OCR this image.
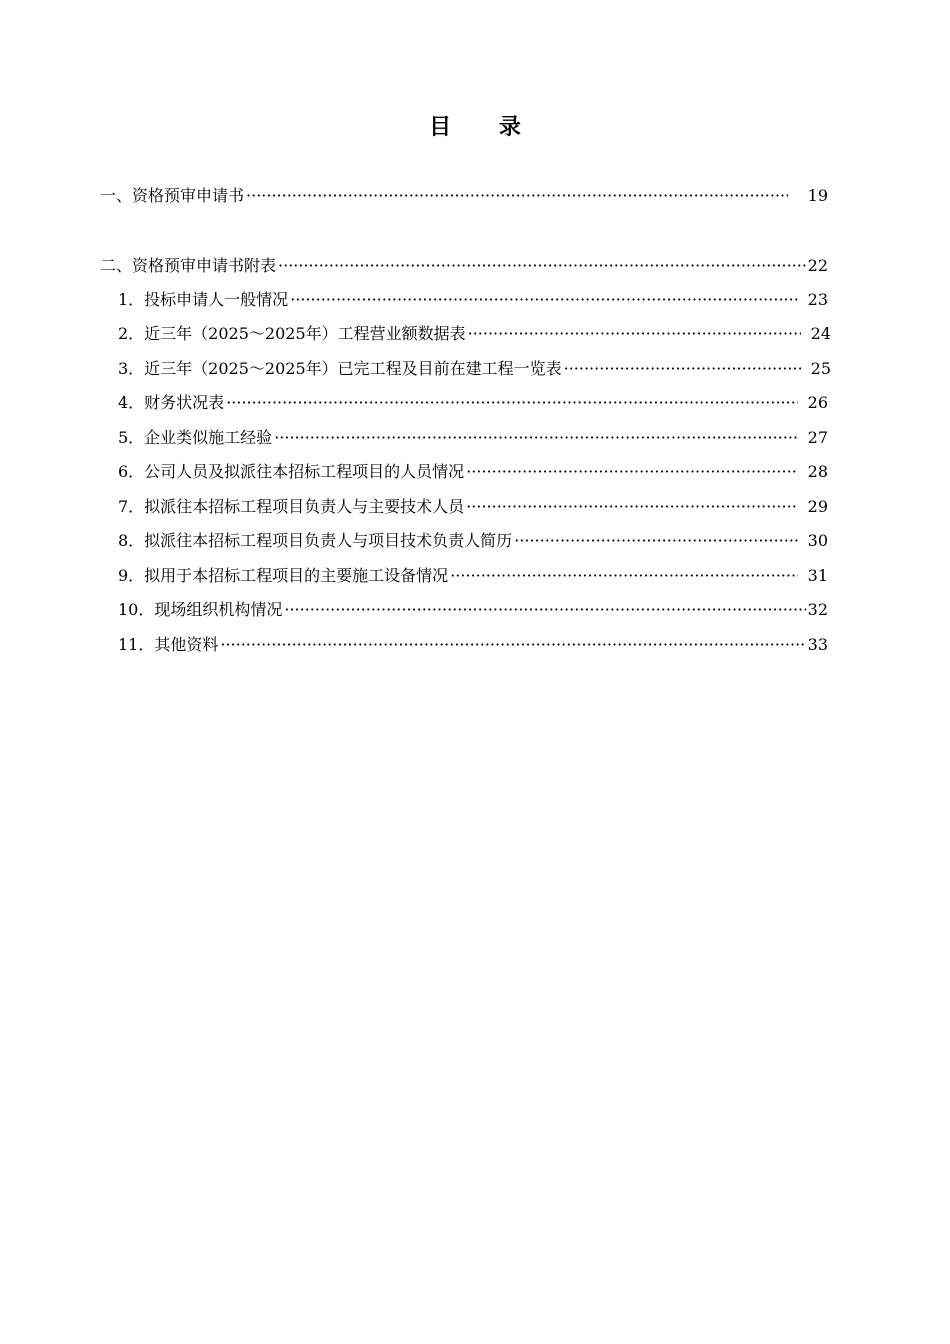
目 录
一、资格预审申请书 ·····	19
二、资格预审申请书附表 ·····	22
1．投标申请人一般情况 ·····	23
2．近三年（2025～2025年）工程营业额数据表 ·····	24
3．近三年（2025～2025年）已完工程及目前在建工程一览表 ·····	25
4．财务状况表 ·····	26
5．企业类似施工经验 ·····	27
6．公司人员及拟派往本招标工程项目的人员情况 ·····	28
7．拟派往本招标工程项目负责人与主要技术人员 ·····	29
8．拟派往本招标工程项目负责人与项目技术负责人简历 ·····	30
9．拟用于本招标工程项目的主要施工设备情况 ·····	31
10．现场组织机构情况 ·····	32
11．其他资料 ·····	33
